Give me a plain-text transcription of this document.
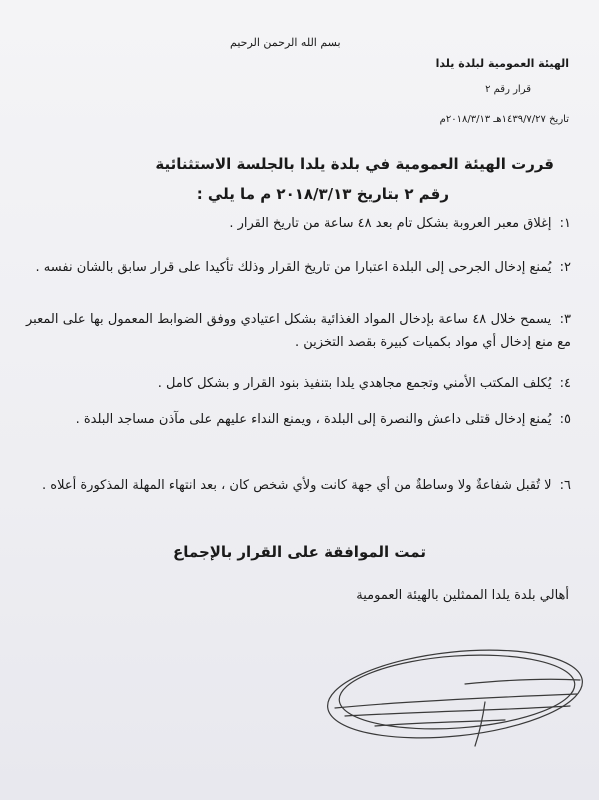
بسم الله الرحمن الرحيم
الهيئة العمومية لبلدة يلدا
قرار رقم ٢
تاريخ ١٤٣٩/٧/٢٧هـ ٢٠١٨/٣/١٣م
قررت الهيئة العمومية في بلدة يلدا بالجلسة الاستثنائية
رقم ٢ بتاريخ ٢٠١٨/٣/١٣ م ما يلي :
١: إغلاق معبر العروبة بشكل تام بعد ٤٨ ساعة من تاريخ القرار .
٢: يُمنع إدخال الجرحى إلى البلدة اعتبارا من تاريخ القرار وذلك تأكيدا على قرار سابق بالشان نفسه .
٣: يسمح خلال ٤٨ ساعة بإدخال المواد الغذائية بشكل اعتيادي ووفق الضوابط المعمول بها على المعبر مع منع إدخال أي مواد بكميات كبيرة بقصد التخزين .
٤: يُكلف المكتب الأمني وتجمع مجاهدي يلدا بتنفيذ بنود القرار و بشكل كامل .
٥: يُمنع إدخال قتلى داعش والنصرة إلى البلدة ، ويمنع النداء عليهم على مآذن مساجد البلدة .
٦: لا تُقبل شفاعةٌ ولا وساطةٌ من أي جهة كانت ولأي شخص كان ، بعد انتهاء المهلة المذكورة أعلاه .
تمت الموافقة على القرار بالإجماع
أهالي بلدة يلدا الممثلين بالهيئة العمومية
